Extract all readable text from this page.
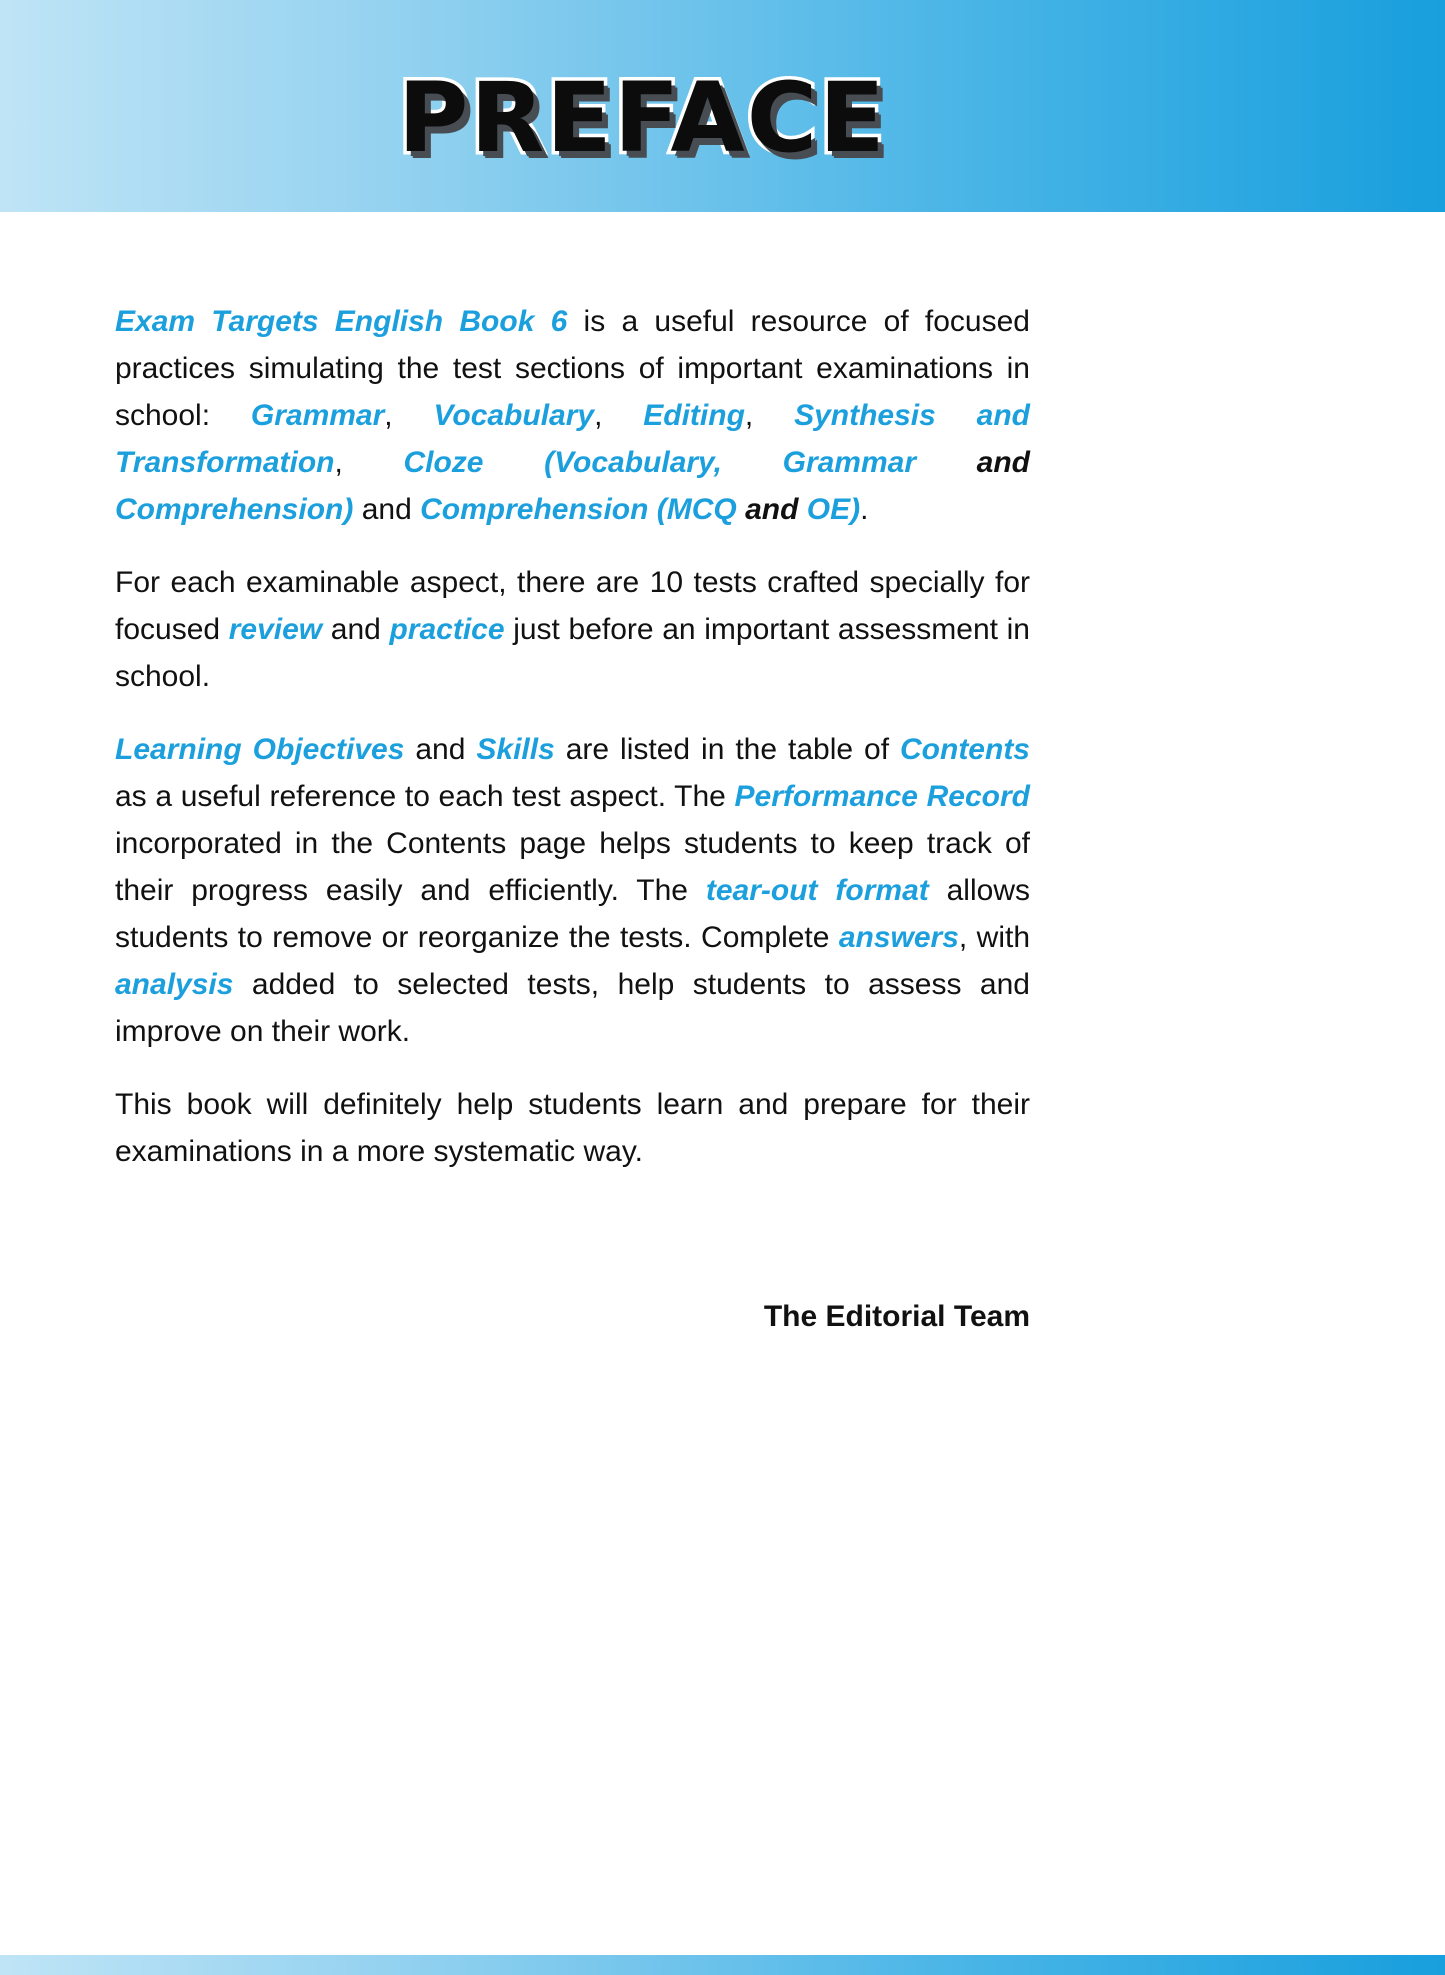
PREFACE

Exam Targets English Book 6 is a useful resource of focused practices simulating the test sections of important examinations in school: Grammar, Vocabulary, Editing, Synthesis and Transformation, Cloze (Vocabulary, Grammar and Comprehension) and Comprehension (MCQ and OE).

For each examinable aspect, there are 10 tests crafted specially for focused review and practice just before an important assessment in school.

Learning Objectives and Skills are listed in the table of Contents as a useful reference to each test aspect. The Performance Record incorporated in the Contents page helps students to keep track of their progress easily and efficiently. The tear-out format allows students to remove or reorganize the tests. Complete answers, with analysis added to selected tests, help students to assess and improve on their work.

This book will definitely help students learn and prepare for their examinations in a more systematic way.

The Editorial Team
